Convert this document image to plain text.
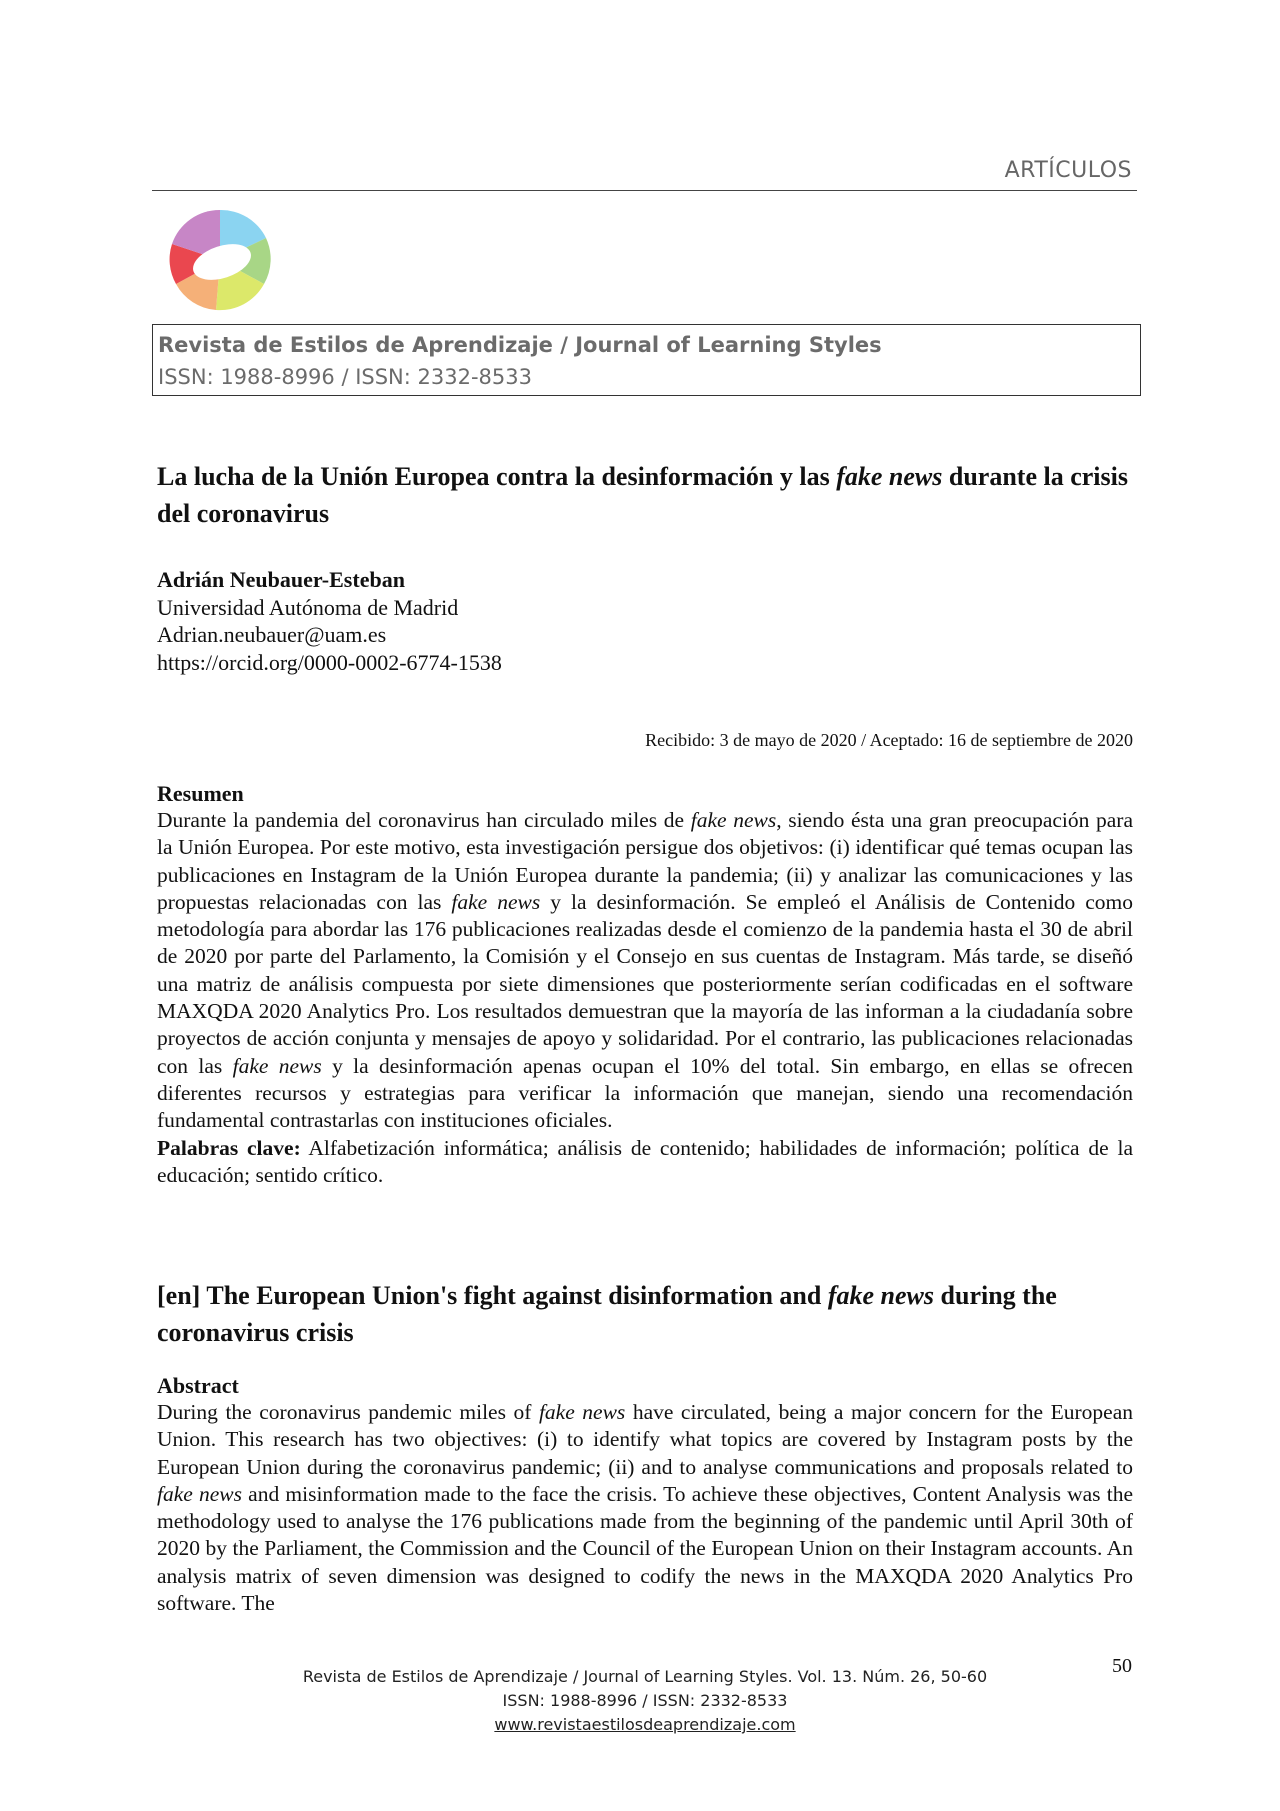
ARTÍCULOS
Revista de Estilos de Aprendizaje / Journal of Learning Styles
ISSN: 1988-8996 / ISSN: 2332-8533
La lucha de la Unión Europea contra la desinformación y las fake news durante la crisis del coronavirus
Adrián Neubauer-Esteban
Universidad Autónoma de Madrid
Adrian.neubauer@uam.es
https://orcid.org/0000-0002-6774-1538
Recibido: 3 de mayo de 2020 / Aceptado: 16 de septiembre de 2020
Resumen
Durante la pandemia del coronavirus han circulado miles de fake news, siendo ésta una gran preocupación para la Unión Europea. Por este motivo, esta investigación persigue dos objetivos: (i) identificar qué temas ocupan las publicaciones en Instagram de la Unión Europea durante la pandemia; (ii) y analizar las comunicaciones y las propuestas relacionadas con las fake news y la desinformación. Se empleó el Análisis de Contenido como metodología para abordar las 176 publicaciones realizadas desde el comienzo de la pandemia hasta el 30 de abril de 2020 por parte del Parlamento, la Comisión y el Consejo en sus cuentas de Instagram. Más tarde, se diseñó una matriz de análisis compuesta por siete dimensiones que posteriormente serían codificadas en el software MAXQDA 2020 Analytics Pro. Los resultados demuestran que la mayoría de las informan a la ciudadanía sobre proyectos de acción conjunta y mensajes de apoyo y solidaridad. Por el contrario, las publicaciones relacionadas con las fake news y la desinformación apenas ocupan el 10% del total. Sin embargo, en ellas se ofrecen diferentes recursos y estrategias para verificar la información que manejan, siendo una recomendación fundamental contrastarlas con instituciones oficiales.
Palabras clave: Alfabetización informática; análisis de contenido; habilidades de información; política de la educación; sentido crítico.
[en] The European Union's fight against disinformation and fake news during the coronavirus crisis
Abstract
During the coronavirus pandemic miles of fake news have circulated, being a major concern for the European Union. This research has two objectives: (i) to identify what topics are covered by Instagram posts by the European Union during the coronavirus pandemic; (ii) and to analyse communications and proposals related to fake news and misinformation made to the face the crisis. To achieve these objectives, Content Analysis was the methodology used to analyse the 176 publications made from the beginning of the pandemic until April 30th of 2020 by the Parliament, the Commission and the Council of the European Union on their Instagram accounts. An analysis matrix of seven dimension was designed to codify the news in the MAXQDA 2020 Analytics Pro software. The
50
Revista de Estilos de Aprendizaje / Journal of Learning Styles. Vol. 13. Núm. 26, 50-60
ISSN: 1988-8996 / ISSN: 2332-8533
www.revistaestilosdeaprendizaje.com
